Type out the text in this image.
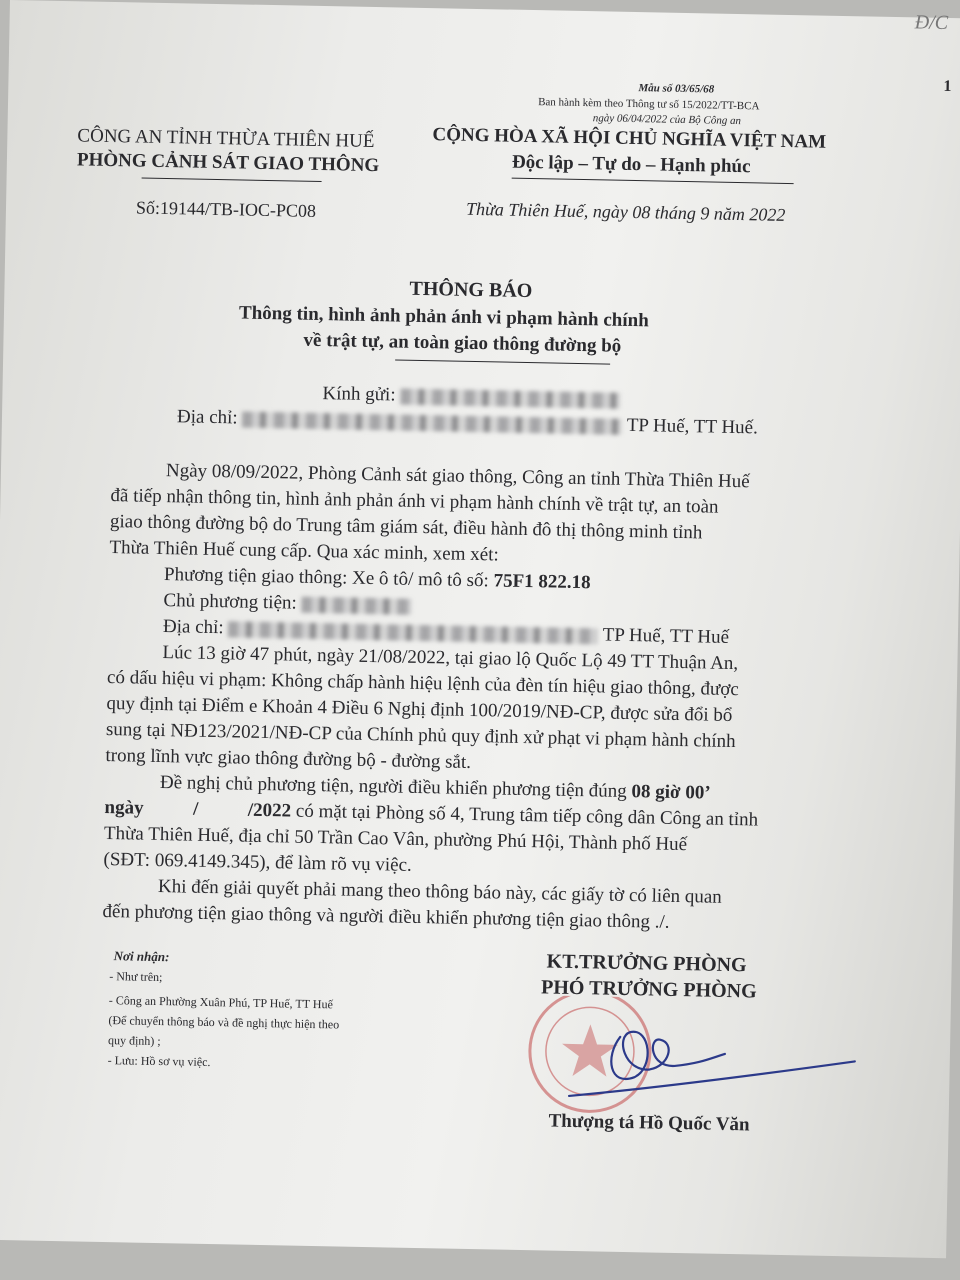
Đ/C
1
Mẫu số 03/65/68
Ban hành kèm theo Thông tư số 15/2022/TT-BCA
ngày 06/04/2022 của Bộ Công an
CÔNG AN TỈNH THỪA THIÊN HUẾ
PHÒNG CẢNH SÁT GIAO THÔNG
CỘNG HÒA XÃ HỘI CHỦ NGHĨA VIỆT NAM
Độc lập – Tự do – Hạnh phúc
Số:19144/TB-IOC-PC08	Thừa Thiên Huế, ngày 08 tháng 9 năm 2022
THÔNG BÁO
Thông tin, hình ảnh phản ánh vi phạm hành chính
về trật tự, an toàn giao thông đường bộ
Kính gửi:
Địa chỉ:	TP Huế, TT Huế.
Ngày 08/09/2022, Phòng Cảnh sát giao thông, Công an tỉnh Thừa Thiên Huế
đã tiếp nhận thông tin, hình ảnh phản ánh vi phạm hành chính về trật tự, an toàn
giao thông đường bộ do Trung tâm giám sát, điều hành đô thị thông minh tỉnh
Thừa Thiên Huế cung cấp. Qua xác minh, xem xét:
Phương tiện giao thông: Xe ô tô/ mô tô số: 75F1 822.18
Chủ phương tiện:
Địa chỉ:	TP Huế, TT Huế
Lúc 13 giờ 47 phút, ngày 21/08/2022, tại giao lộ Quốc Lộ 49 TT Thuận An,
có dấu hiệu vi phạm: Không chấp hành hiệu lệnh của đèn tín hiệu giao thông, được
quy định tại Điểm e Khoản 4 Điều 6 Nghị định 100/2019/NĐ-CP, được sửa đổi bổ
sung tại NĐ123/2021/NĐ-CP của Chính phủ quy định xử phạt vi phạm hành chính
trong lĩnh vực giao thông đường bộ - đường sắt.
Đề nghị chủ phương tiện, người điều khiển phương tiện đúng 08 giờ 00’
ngày	/	/2022 có mặt tại Phòng số 4, Trung tâm tiếp công dân Công an tỉnh
Thừa Thiên Huế, địa chỉ 50 Trần Cao Vân, phường Phú Hội, Thành phố Huế
(SĐT: 069.4149.345), để làm rõ vụ việc.
Khi đến giải quyết phải mang theo thông báo này, các giấy tờ có liên quan
đến phương tiện giao thông và người điều khiển phương tiện giao thông ./.
Nơi nhận:
- Như trên;
- Công an Phường Xuân Phú, TP Huế, TT Huế
(Để chuyển thông báo và đề nghị thực hiện theo
quy định) ;
- Lưu: Hồ sơ vụ việc.
KT.TRƯỞNG PHÒNG
PHÓ TRƯỞNG PHÒNG
Thượng tá Hồ Quốc Văn
